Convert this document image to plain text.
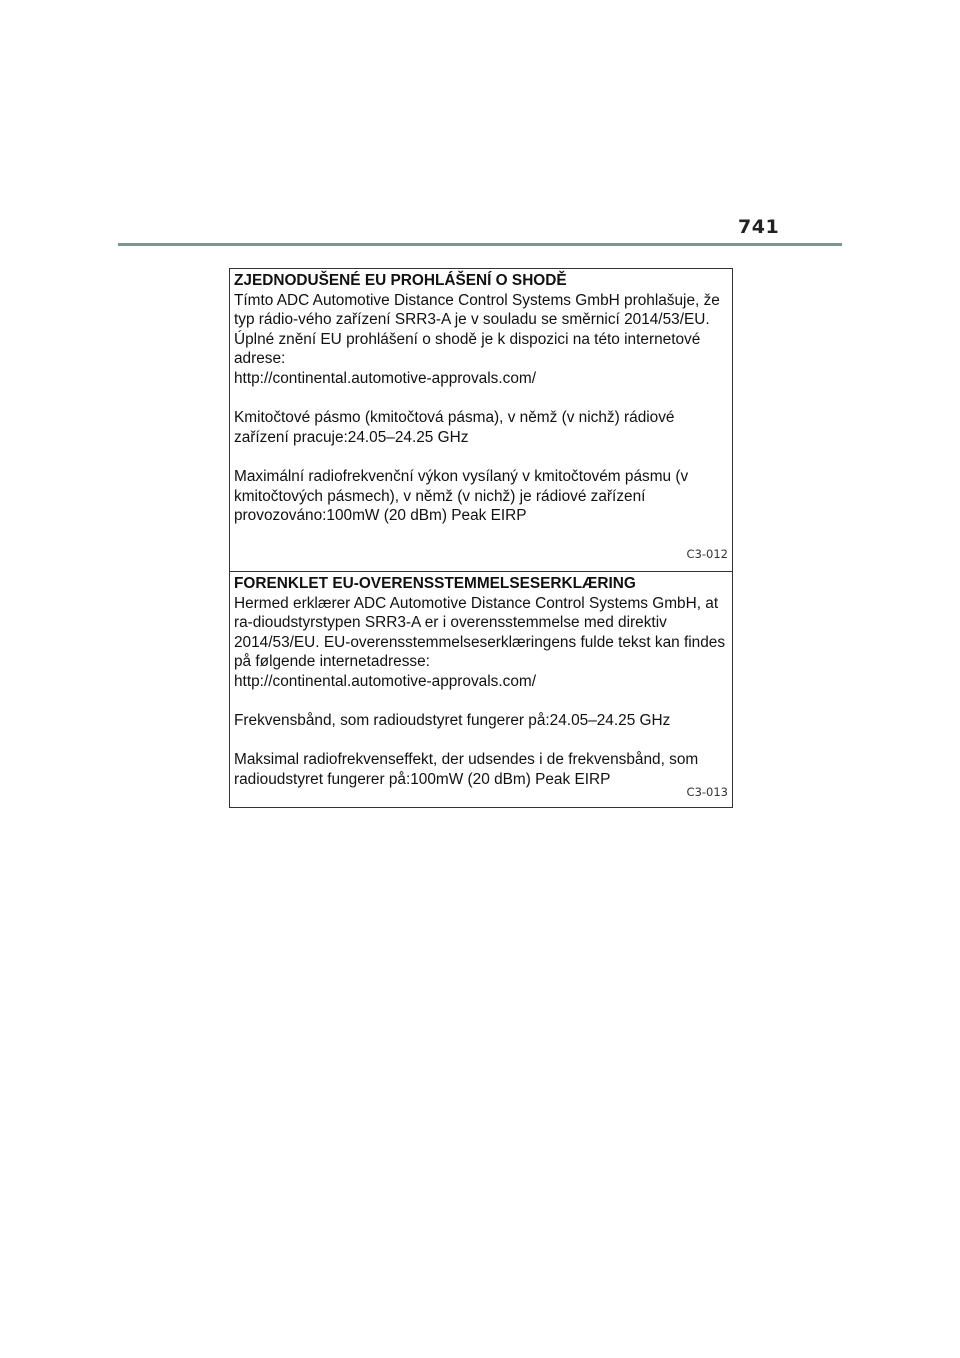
741
ZJEDNODUŠENÉ EU PROHLÁŠENÍ O SHODĚ
Tímto ADC Automotive Distance Control Systems GmbH prohlašuje, že
typ rádio-vého zařízení SRR3-A je v souladu se směrnicí 2014/53/EU.
Úplné znění EU prohlášení o shodě je k dispozici na této internetové
adrese:
http://continental.automotive-approvals.com/
Kmitočtové pásmo (kmitočtová pásma), v němž (v nichž) rádiové
zařízení pracuje:24.05–24.25 GHz
Maximální radiofrekvenční výkon vysílaný v kmitočtovém pásmu (v
kmitočtových pásmech), v němž (v nichž) je rádiové zařízení
provozováno:100mW (20 dBm) Peak EIRP
C3-012
FORENKLET EU-OVERENSSTEMMELSESERKLÆRING
Hermed erklærer ADC Automotive Distance Control Systems GmbH, at
ra-dioudstyrstypen SRR3-A er i overensstemmelse med direktiv
2014/53/EU. EU-overensstemmelseserklæringens fulde tekst kan findes
på følgende internetadresse:
http://continental.automotive-approvals.com/
Frekvensbånd, som radioudstyret fungerer på:24.05–24.25 GHz
Maksimal radiofrekvenseffekt, der udsendes i de frekvensbånd, som
radioudstyret fungerer på:100mW (20 dBm) Peak EIRP
C3-013
